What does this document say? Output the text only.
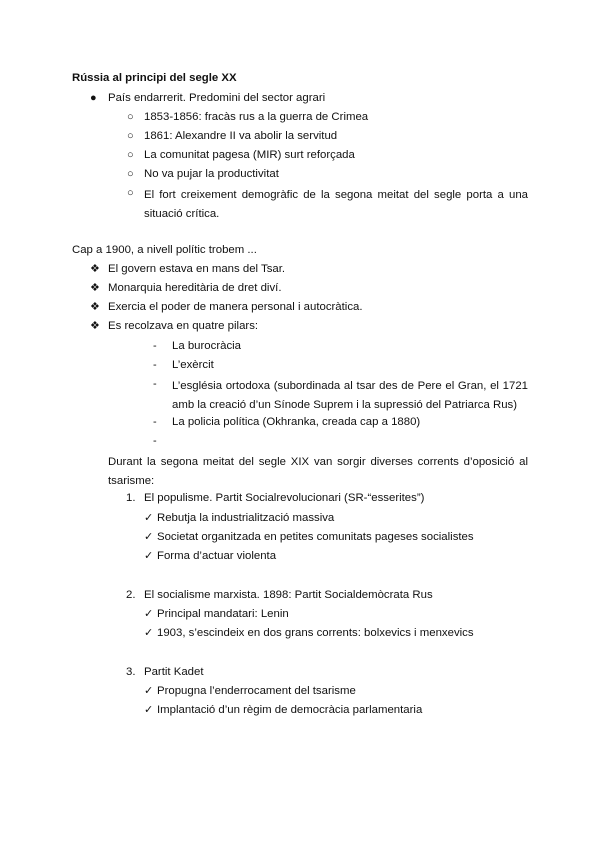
Rússia al principi del segle XX
● País endarrerit. Predomini del sector agrari
○ 1853-1856: fracàs rus a la guerra de Crimea
○ 1861: Alexandre II va abolir la servitud
○ La comunitat pagesa (MIR) surt reforçada
○ No va pujar la productivitat
○ El fort creixement demogràfic de la segona meitat del segle porta a una situació crítica.
Cap a 1900, a nivell polític trobem ...
❖ El govern estava en mans del Tsar.
❖ Monarquia hereditària de dret diví.
❖ Exercia el poder de manera personal i autocràtica.
❖ Es recolzava en quatre pilars:
- La burocràcia
- L’exèrcit
- L’església ortodoxa (subordinada al tsar des de Pere el Gran, el 1721 amb la creació d’un Sínode Suprem i la supressió del Patriarca Rus)
- La policia política (Okhranka, creada cap a 1880)
-
Durant la segona meitat del segle XIX van sorgir diverses corrents d’oposició al tsarisme:
1. El populisme. Partit Socialrevolucionari (SR-“esserites”)
✓ Rebutja la industrialització massiva
✓ Societat organitzada en petites comunitats pageses socialistes
✓ Forma d’actuar violenta
2. El socialisme marxista. 1898: Partit Socialdemòcrata Rus
✓ Principal mandatari: Lenin
✓ 1903, s’escindeix en dos grans corrents: bolxevics i menxevics
3. Partit Kadet
✓ Propugna l’enderrocament del tsarisme
✓ Implantació d’un règim de democràcia parlamentaria
